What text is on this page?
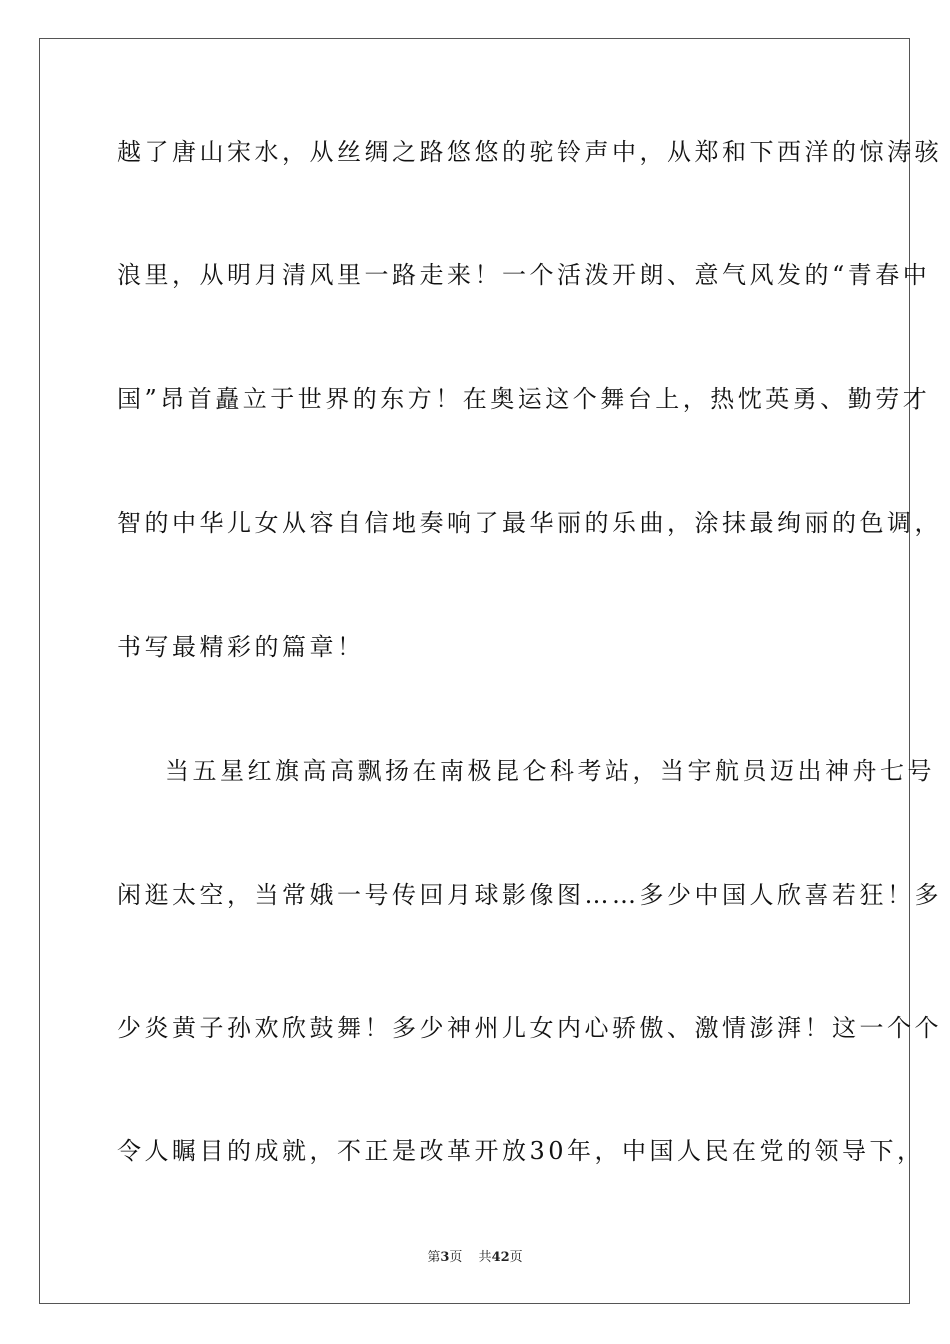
越了唐山宋水，从丝绸之路悠悠的驼铃声中，从郑和下西洋的惊涛骇
浪里，从明月清风里一路走来！一个活泼开朗、意气风发的“青春中
国”昂首矗立于世界的东方！在奥运这个舞台上，热忱英勇、勤劳才
智的中华儿女从容自信地奏响了最华丽的乐曲，涂抹最绚丽的色调，
书写最精彩的篇章！
当五星红旗高高飘扬在南极昆仑科考站，当宇航员迈出神舟七号
闲逛太空，当常娥一号传回月球影像图……多少中国人欣喜若狂！多
少炎黄子孙欢欣鼓舞！多少神州儿女内心骄傲、激情澎湃！这一个个
令人瞩目的成就，不正是改革开放30年，中国人民在党的领导下，
第3页 共42页
